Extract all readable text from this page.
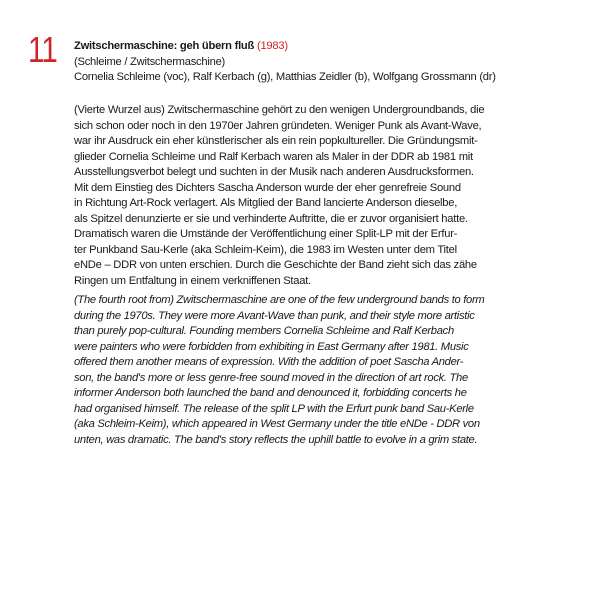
11 Zwitschermaschine: geh übern fluß (1983)
(Schleime / Zwitschermaschine)
Cornelia Schleime (voc), Ralf Kerbach (g), Matthias Zeidler (b), Wolfgang Grossmann (dr)
(Vierte Wurzel aus) Zwitschermaschine gehört zu den wenigen Undergroundbands, die
sich schon oder noch in den 1970er Jahren gründeten. Weniger Punk als Avant-Wave,
war ihr Ausdruck ein eher künstlerischer als ein rein popkultureller. Die Gründungsmit-
glieder Cornelia Schleime und Ralf Kerbach waren als Maler in der DDR ab 1981 mit
Ausstellungsverbot belegt und suchten in der Musik nach anderen Ausdrucksformen.
Mit dem Einstieg des Dichters Sascha Anderson wurde der eher genrefreie Sound
in Richtung Art-Rock verlagert. Als Mitglied der Band lancierte Anderson dieselbe,
als Spitzel denunzierte er sie und verhinderte Auftritte, die er zuvor organisiert hatte.
Dramatisch waren die Umstände der Veröffentlichung einer Split-LP mit der Erfur-
ter Punkband Sau-Kerle (aka Schleim-Keim), die 1983 im Westen unter dem Titel
eNDe – DDR von unten erschien. Durch die Geschichte der Band zieht sich das zähe
Ringen um Entfaltung in einem verkniffenen Staat.
(The fourth root from) Zwitschermaschine are one of the few underground bands to form
during the 1970s. They were more Avant-Wave than punk, and their style more artistic
than purely pop-cultural. Founding members Cornelia Schleime and Ralf Kerbach
were painters who were forbidden from exhibiting in East Germany after 1981. Music
offered them another means of expression. With the addition of poet Sascha Ander-
son, the band's more or less genre-free sound moved in the direction of art rock. The
informer Anderson both launched the band and denounced it, forbidding concerts he
had organised himself. The release of the split LP with the Erfurt punk band Sau-Kerle
(aka Schleim-Keim), which appeared in West Germany under the title eNDe - DDR von
unten, was dramatic. The band's story reflects the uphill battle to evolve in a grim state.
